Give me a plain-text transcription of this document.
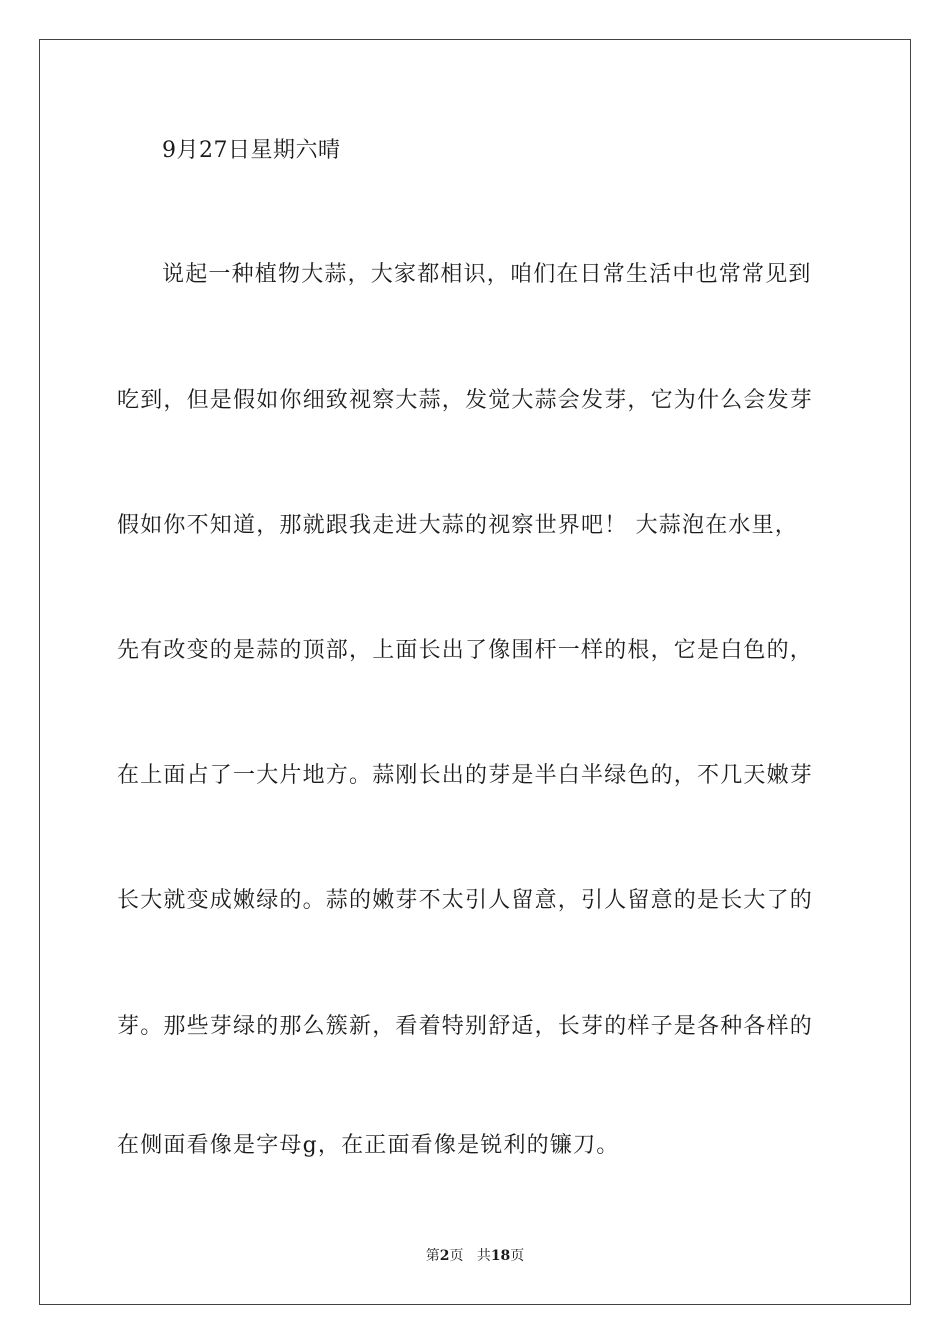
9月27日星期六晴
说起一种植物大蒜，大家都相识，咱们在日常生活中也常常见到
吃到，但是假如你细致视察大蒜，发觉大蒜会发芽，它为什么会发芽
假如你不知道，那就跟我走进大蒜的视察世界吧！ 大蒜泡在水里，
先有改变的是蒜的顶部，上面长出了像围杆一样的根，它是白色的，
在上面占了一大片地方。蒜刚长出的芽是半白半绿色的，不几天嫩芽
长大就变成嫩绿的。蒜的嫩芽不太引人留意，引人留意的是长大了的
芽。那些芽绿的那么簇新，看着特别舒适，长芽的样子是各种各样的
在侧面看像是字母g，在正面看像是锐利的镰刀。
第2页 共18页
